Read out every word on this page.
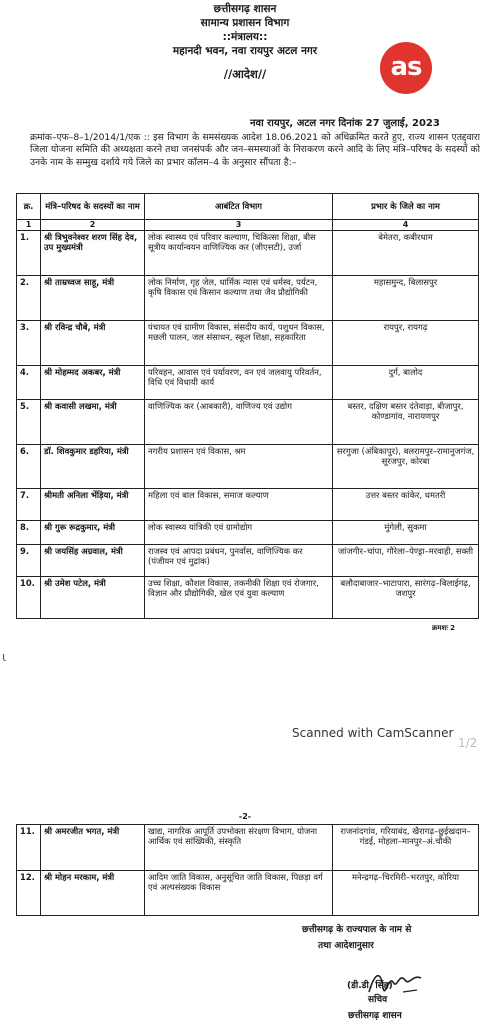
छत्तीसगढ़ शासन
सामान्य प्रशासन विभाग
::मंत्रालय::
महानदी भवन, नवा रायपुर अटल नगर
//आदेश//	as
नवा रायपुर, अटल नगर दिनांक 27 जुलाई, 2023
क्रमांक–एफ–8–1/2014/1/एक :: इस विभाग के समसंख्यक आदेश 18.06.2021 को अधिक्रमित करते हुए, राज्य शासन एतद्द्वारा जिला योजना समिति की अध्यक्षता करने तथा जनसंपर्क और जन–समस्याओं के निराकरण करने आदि के लिए मंत्रि–परिषद के सदस्यों को उनके नाम के सम्मुख दर्शाये गये जिले का प्रभार कॉलम–4 के अनुसार सौंपता है:–
क्र.	मंत्रि–परिषद के सदस्यों का नाम	आबंटित विभाग	प्रभार के जिले का नाम
1	2	3	4
1.	श्री त्रिभुवनेश्वर शरण सिंह देव, उप मुख्यमंत्री	लोक स्वास्थ्य एवं परिवार कल्याण, चिकित्सा शिक्षा, बीस सूत्रीय कार्यान्वयन वाणिज्यिक कर (जीएसटी), उर्जा	बेमेतरा, कबीरधाम
2.	श्री ताम्रध्वज साहू, मंत्री	लोक निर्माण, गृह जेल, धार्मिक न्यास एवं धर्मस्व, पर्यटन, कृषि विकास एवं किसान कल्याण तथा जैव प्रौद्योगिकी	महासमुन्द, बिलासपुर
3.	श्री रविन्द्र चौबे, मंत्री	पंचायत एवं ग्रामीण विकास, संसदीय कार्य, पशुधन विकास, मछली पालन, जल संसाधन, स्कूल शिक्षा, सहकारिता	रायपुर, रायगढ़
4.	श्री मोहम्मद अकबर, मंत्री	परिवहन, आवास एवं पर्यावरण, वन एवं जलवायु परिवर्तन, विधि एवं विधायी कार्य	दुर्ग, बालोद
5.	श्री कवासी लखमा, मंत्री	वाणिज्यिक कर (आबकारी), वाणिज्य एवं उद्योग	बस्तर, दक्षिण बस्तर दंतेवाड़ा, बीजापुर, कोण्डागांव, नारायणपुर
6.	डॉ. शिवकुमार डहरिया, मंत्री	नगरीय प्रशासन एवं विकास, श्रम	सरगुजा (अंबिकापुर), बलरामपुर–रामानुजगंज, सूरजपुर, कोरबा
7.	श्रीमती अनिला भेंड़िया, मंत्री	महिला एवं बाल विकास, समाज कल्याण	उत्तर बस्तर कांकेर, धमतरी
8.	श्री गुरू रूद्रकुमार, मंत्री	लोक स्वास्थ्य यांत्रिकी एवं ग्रामोद्योग	मुंगेली, सुकमा
9.	श्री जयसिंह अग्रवाल, मंत्री	राजस्व एवं आपदा प्रबंधन, पुनर्वास, वाणिज्यिक कर (पंजीयन एवं मुद्रांक)	जांजगीर–चांपा, गौरेला–पेण्ड्रा–मरवाही, सक्ती
10.	श्री उमेश पटेल, मंत्री	उच्च शिक्षा, कौशल विकास, तकनीकी शिक्षा एवं रोजगार, विज्ञान और प्रौद्योगिकी, खेल एवं युवा कल्याण	बलौदाबाजार–भाटापारा, सारंगढ़–बिलाईगढ़, जशपुर
क्रमशः 2
ι
Scanned with CamScanner
1/2
-2-
11.	श्री अमरजीत भगत, मंत्री	खाद्य, नागरिक आपूर्ति उपभोक्ता संरक्षण विभाग, योजना आर्थिक एवं सांख्यिकी, संस्कृति	राजनांदगांव, गरियाबंद, खैरागढ़–छुईखदान–गंडई, मोहला–मानपुर–अं.चौकी
12.	श्री मोहन मरकाम, मंत्री	आदिम जाति विकास, अनुसूचित जाति विकास, पिछड़ा वर्ग एवं अल्पसंख्यक विकास	मनेन्द्रगढ़–चिरमिरी–भरतपुर, कोरिया
छत्तीसगढ़ के राज्यपाल के नाम से
तथा आदेशानुसार
(डी.डी. सिंह)
सचिव
छत्तीसगढ़ शासन
